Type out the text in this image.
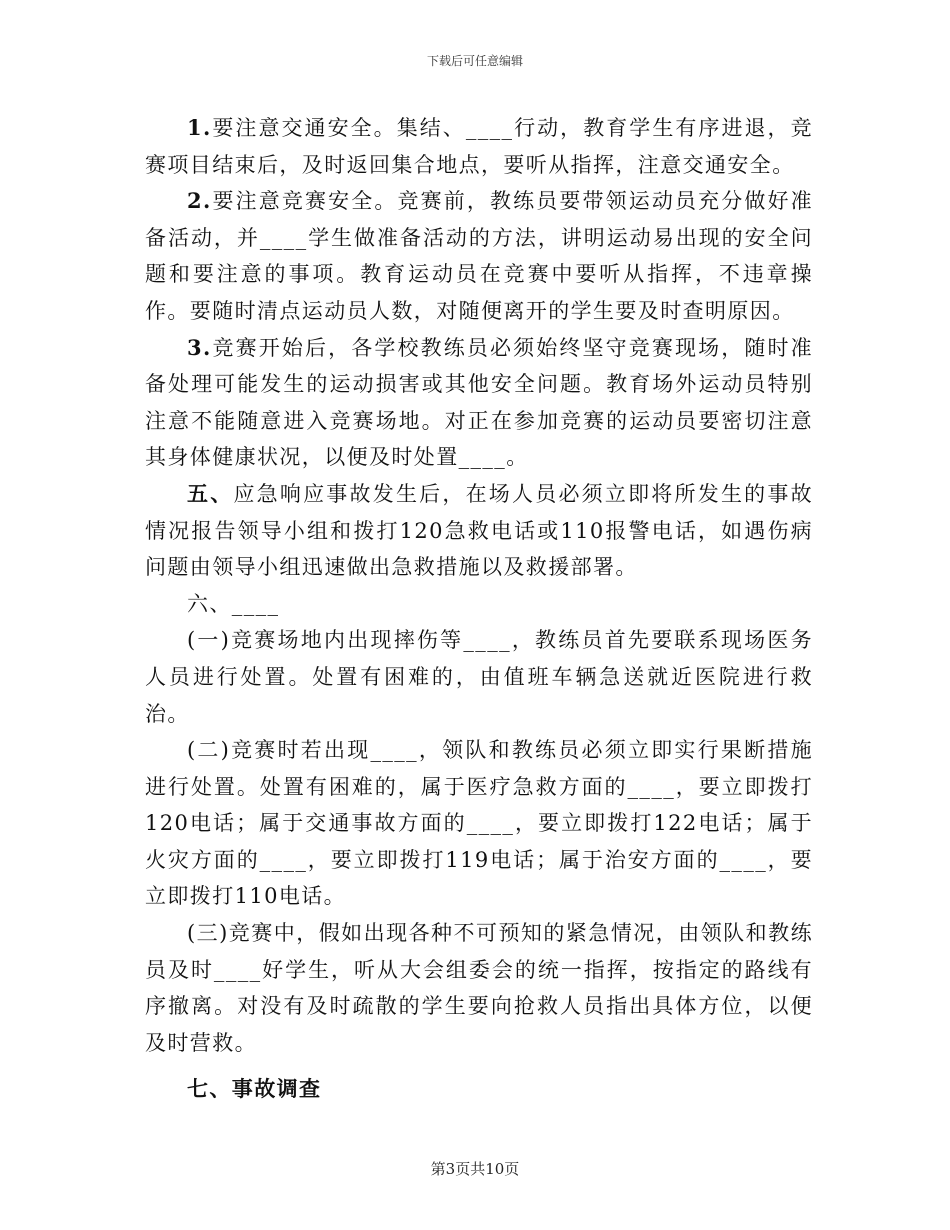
下载后可任意编辑

1.要注意交通安全。集结、____行动，教育学生有序进退，竞赛项目结束后，及时返回集合地点，要听从指挥，注意交通安全。

2.要注意竞赛安全。竞赛前，教练员要带领运动员充分做好准备活动，并____学生做准备活动的方法，讲明运动易出现的安全问题和要注意的事项。教育运动员在竞赛中要听从指挥，不违章操作。要随时清点运动员人数，对随便离开的学生要及时查明原因。

3.竞赛开始后，各学校教练员必须始终坚守竞赛现场，随时准备处理可能发生的运动损害或其他安全问题。教育场外运动员特别注意不能随意进入竞赛场地。对正在参加竞赛的运动员要密切注意其身体健康状况，以便及时处置____。

五、应急响应事故发生后，在场人员必须立即将所发生的事故情况报告领导小组和拨打120急救电话或110报警电话，如遇伤病问题由领导小组迅速做出急救措施以及救援部署。

六、____

(一)竞赛场地内出现摔伤等____，教练员首先要联系现场医务人员进行处置。处置有困难的，由值班车辆急送就近医院进行救治。

(二)竞赛时若出现____，领队和教练员必须立即实行果断措施进行处置。处置有困难的，属于医疗急救方面的____，要立即拨打120电话；属于交通事故方面的____，要立即拨打122电话；属于火灾方面的____，要立即拨打119电话；属于治安方面的____，要立即拨打110电话。

(三)竞赛中，假如出现各种不可预知的紧急情况，由领队和教练员及时____好学生，听从大会组委会的统一指挥，按指定的路线有序撤离。对没有及时疏散的学生要向抢救人员指出具体方位，以便及时营救。

七、事故调查

第3页共10页
